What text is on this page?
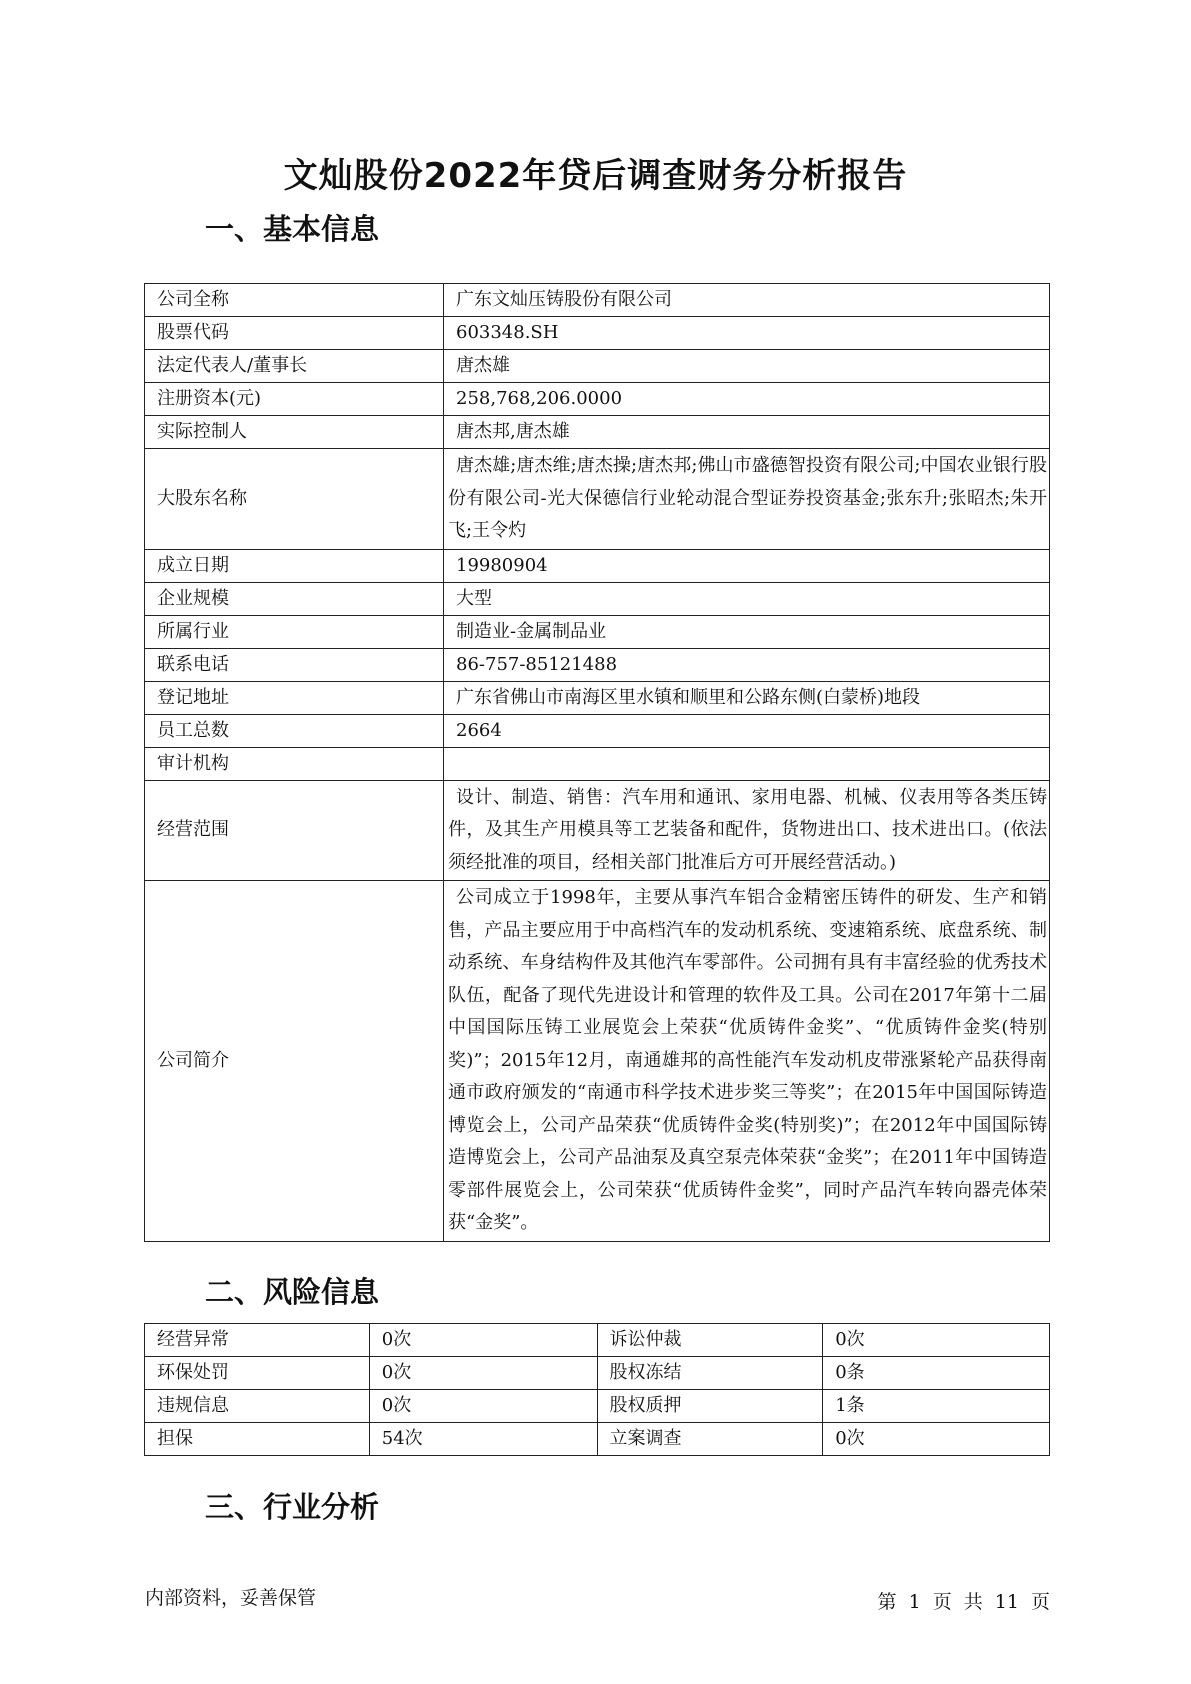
文灿股份2022年贷后调查财务分析报告
一、基本信息
公司全称	广东文灿压铸股份有限公司
股票代码	603348.SH
法定代表人/董事长	唐杰雄
注册资本(元)	258,768,206.0000
实际控制人	唐杰邦,唐杰雄
大股东名称	唐杰雄;唐杰维;唐杰操;唐杰邦;佛山市盛德智投资有限公司;中国农业银行股份有限公司-光大保德信行业轮动混合型证券投资基金;张东升;张昭杰;朱开飞;王令灼
成立日期	19980904
企业规模	大型
所属行业	制造业-金属制品业
联系电话	86-757-85121488
登记地址	广东省佛山市南海区里水镇和顺里和公路东侧(白蒙桥)地段
员工总数	2664
审计机构	
经营范围	设计、制造、销售：汽车用和通讯、家用电器、机械、仪表用等各类压铸件，及其生产用模具等工艺装备和配件，货物进出口、技术进出口。(依法须经批准的项目，经相关部门批准后方可开展经营活动。)
公司简介	公司成立于1998年，主要从事汽车铝合金精密压铸件的研发、生产和销售，产品主要应用于中高档汽车的发动机系统、变速箱系统、底盘系统、制动系统、车身结构件及其他汽车零部件。公司拥有具有丰富经验的优秀技术队伍，配备了现代先进设计和管理的软件及工具。公司在2017年第十二届中国国际压铸工业展览会上荣获“优质铸件金奖”、“优质铸件金奖(特别奖)”；2015年12月，南通雄邦的高性能汽车发动机皮带涨紧轮产品获得南通市政府颁发的“南通市科学技术进步奖三等奖”；在2015年中国国际铸造博览会上，公司产品荣获“优质铸件金奖(特别奖)”；在2012年中国国际铸造博览会上，公司产品油泵及真空泵壳体荣获“金奖”；在2011年中国铸造零部件展览会上，公司荣获“优质铸件金奖”，同时产品汽车转向器壳体荣获“金奖”。
二、风险信息
经营异常	0次	诉讼仲裁	0次
环保处罚	0次	股权冻结	0条
违规信息	0次	股权质押	1条
担保	54次	立案调查	0次
三、行业分析
内部资料，妥善保管	第 1 页 共 11 页
